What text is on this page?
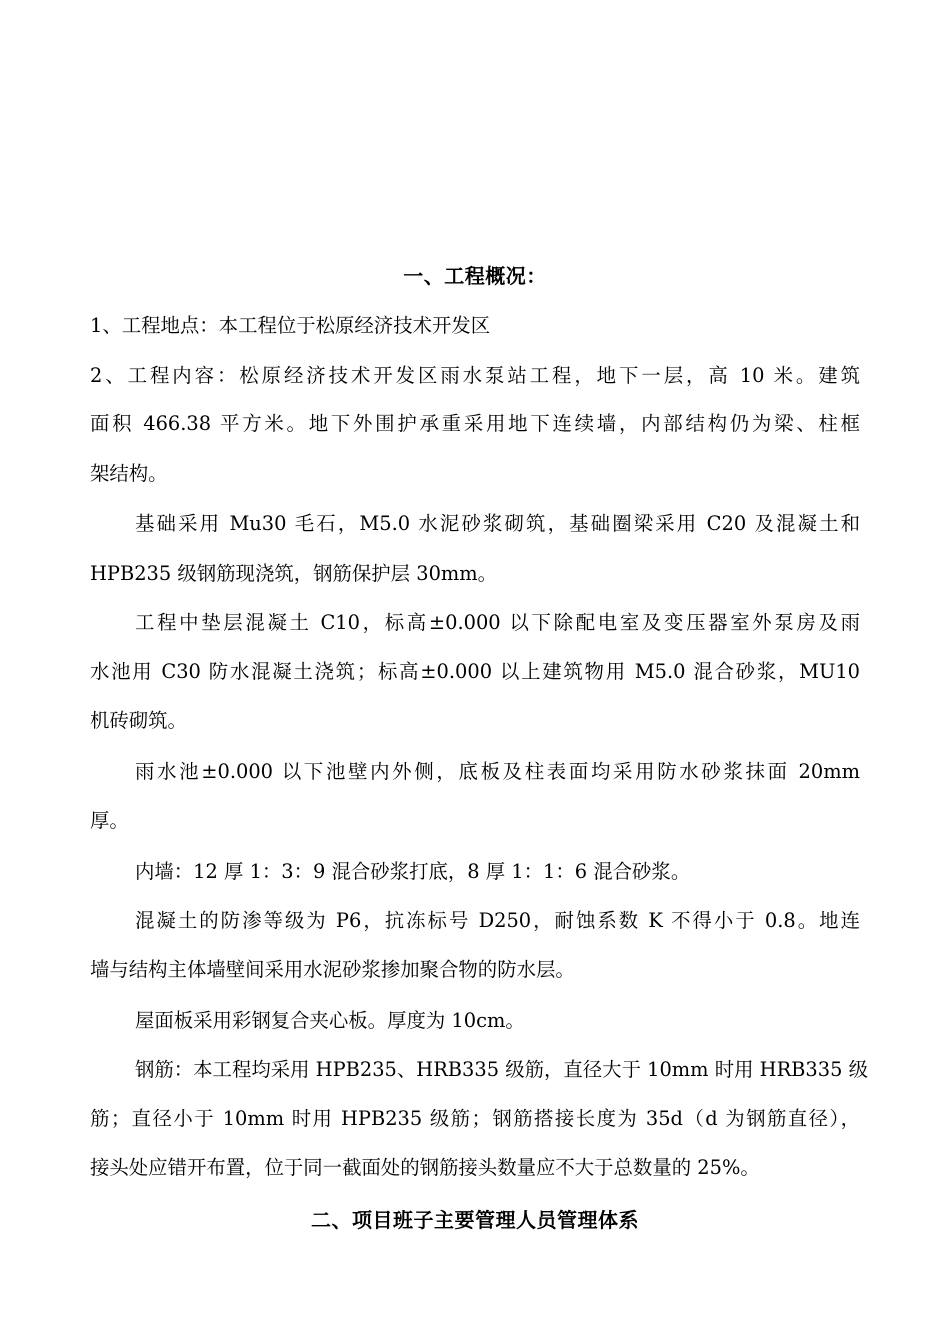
一、工程概况：
1、工程地点：本工程位于松原经济技术开发区
2、工程内容：松原经济技术开发区雨水泵站工程，地下一层，高 10 米。建筑
面积 466.38 平方米。地下外围护承重采用地下连续墙，内部结构仍为梁、柱框
架结构。
基础采用 Mu30 毛石，M5.0 水泥砂浆砌筑，基础圈梁采用 C20 及混凝土和
HPB235 级钢筋现浇筑，钢筋保护层 30mm。
工程中垫层混凝土 C10，标高±0.000 以下除配电室及变压器室外泵房及雨
水池用 C30 防水混凝土浇筑；标高±0.000 以上建筑物用 M5.0 混合砂浆，MU10
机砖砌筑。
雨水池±0.000 以下池壁内外侧，底板及柱表面均采用防水砂浆抹面 20mm
厚。
内墙：12 厚 1：3：9 混合砂浆打底，8 厚 1：1：6 混合砂浆。
混凝土的防渗等级为 P6，抗冻标号 D250，耐蚀系数 K 不得小于 0.8。地连
墙与结构主体墙壁间采用水泥砂浆掺加聚合物的防水层。
屋面板采用彩钢复合夹心板。厚度为 10cm。
钢筋：本工程均采用 HPB235、HRB335 级筋，直径大于 10mm 时用 HRB335 级
筋；直径小于 10mm 时用 HPB235 级筋；钢筋搭接长度为 35d（d 为钢筋直径），
接头处应错开布置，位于同一截面处的钢筋接头数量应不大于总数量的 25%。
二、项目班子主要管理人员管理体系
